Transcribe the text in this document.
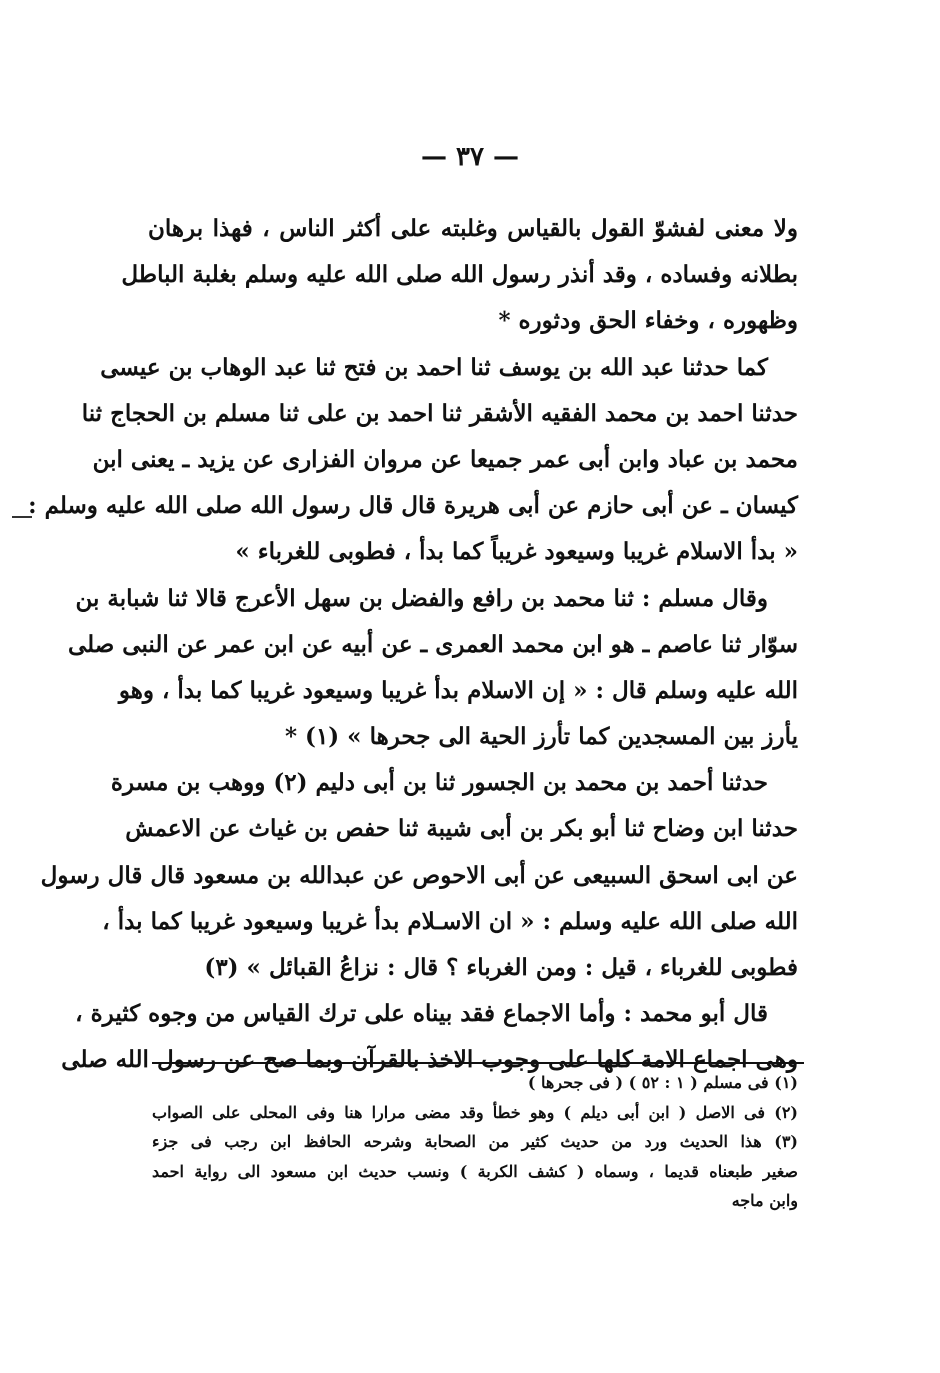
— ٣٧ —
ولا معنى لفشوّ القول بالقياس وغلبته على أكثر الناس ، فهذا برهان
بطلانه وفساده ، وقد أنذر رسول الله صلى الله عليه وسلم بغلبة الباطل
وظهوره ، وخفاء الحق ودثوره *
كما حدثنا عبد الله بن يوسف ثنا احمد بن فتح ثنا عبد الوهاب بن عيسى
حدثنا احمد بن محمد الفقيه الأشقر ثنا احمد بن على ثنا مسلم بن الحجاج ثنا
محمد بن عباد وابن أبى عمر جميعا عن مروان الفزارى عن يزيد ـ يعنى ابن
كيسان ـ عن أبى حازم عن أبى هريرة قال قال رسول الله صلى الله عليه وسلم :
« بدأ الاسلام غريبا وسيعود غريباً كما بدأ ، فطوبى للغرباء »
وقال مسلم : ثنا محمد بن رافع والفضل بن سهل الأعرج قالا ثنا شبابة بن
سوّار ثنا عاصم ـ هو ابن محمد العمرى ـ عن أبيه عن ابن عمر عن النبى صلى
الله عليه وسلم قال : « إن الاسلام بدأ غريبا وسيعود غريبا كما بدأ ، وهو
يأرز بين المسجدين كما تأرز الحية الى جحرها » (١) *
حدثنا أحمد بن محمد بن الجسور ثنا بن أبى دليم (٢) ووهب بن مسرة
حدثنا ابن وضاح ثنا أبو بكر بن أبى شيبة ثنا حفص بن غياث عن الاعمش
عن ابى اسحق السبيعى عن أبى الاحوص عن عبدالله بن مسعود قال قال رسول
الله صلى الله عليه وسلم : « ان الاسـلام بدأ غريبا وسيعود غريبا كما بدأ ،
فطوبى للغرباء ، قيل : ومن الغرباء ؟ قال : نزاعُ القبائل » (٣)
قال أبو محمد : وأما الاجماع فقد بيناه على ترك القياس من وجوه كثيرة ،
وهى اجماع الامة كلها على وجوب الاخذ بالقرآن وبما صح عن رسول الله صلى
(١) فى مسلم ( ١ : ٥٢ ) ( فى جحرها )
(٢) فى الاصل ( ابن أبى ديلم ) وهو خطأ وقد مضى مرارا هنا وفى المحلى على الصواب
(٣) هذا الحديث ورد من حديث كثير من الصحابة وشرحه الحافظ ابن رجب فى جزء
صغير طبعناه قديما ، وسماه ( كشف الكربة ) ونسب حديث ابن مسعود الى رواية احمد
وابن ماجه
